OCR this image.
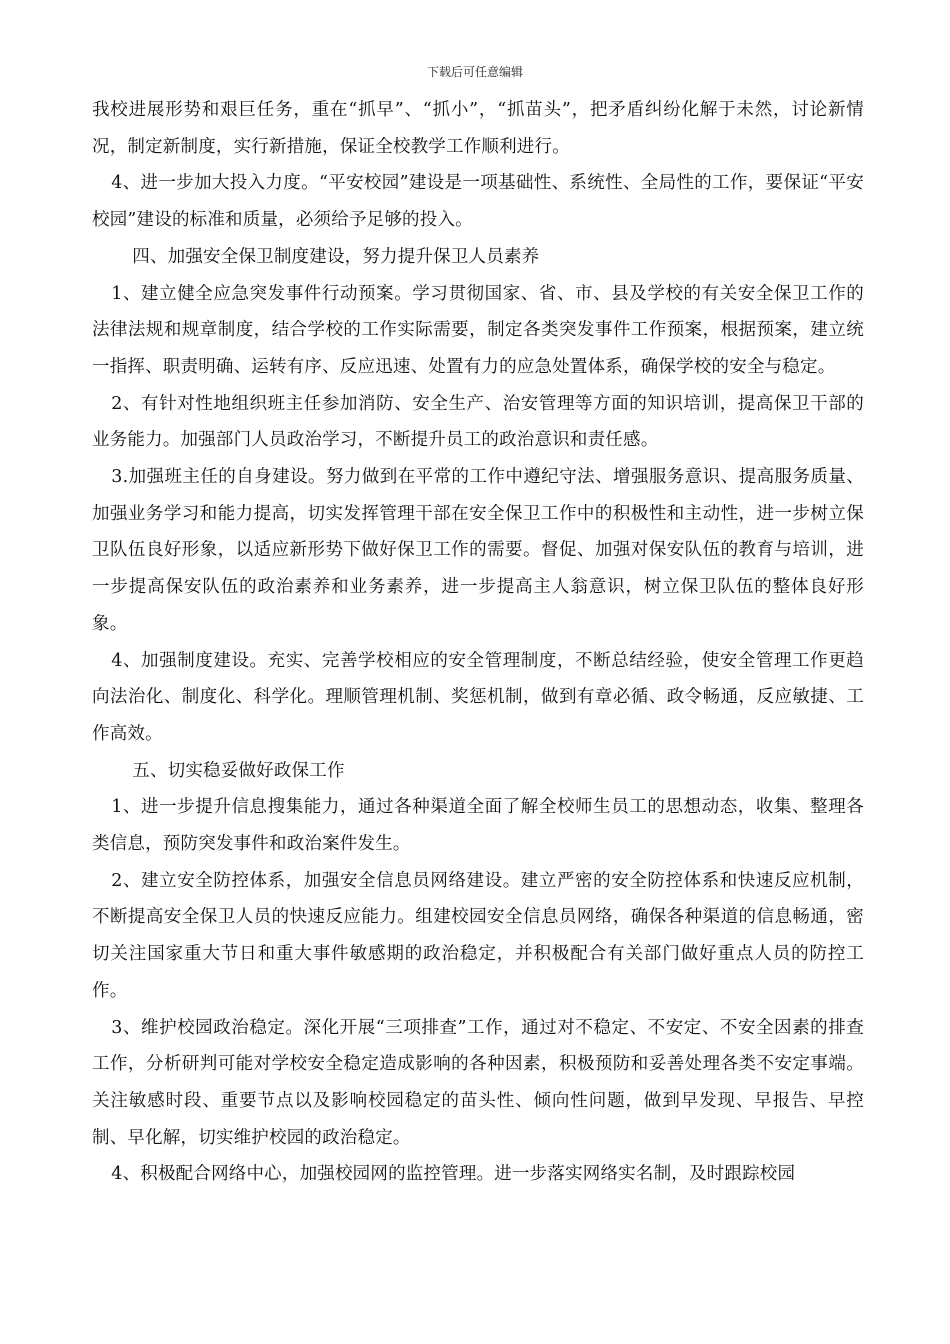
下载后可任意编辑

我校进展形势和艰巨任务，重在“抓早”、“抓小”，“抓苗头”，把矛盾纠纷化解于未然，讨论新情况，制定新制度，实行新措施，保证全校教学工作顺利进行。

4、进一步加大投入力度。“平安校园”建设是一项基础性、系统性、全局性的工作，要保证“平安校园”建设的标准和质量，必须给予足够的投入。

四、加强安全保卫制度建设，努力提升保卫人员素养

1、建立健全应急突发事件行动预案。学习贯彻国家、省、市、县及学校的有关安全保卫工作的法律法规和规章制度，结合学校的工作实际需要，制定各类突发事件工作预案，根据预案，建立统一指挥、职责明确、运转有序、反应迅速、处置有力的应急处置体系，确保学校的安全与稳定。

2、有针对性地组织班主任参加消防、安全生产、治安管理等方面的知识培训，提高保卫干部的业务能力。加强部门人员政治学习，不断提升员工的政治意识和责任感。

3.加强班主任的自身建设。努力做到在平常的工作中遵纪守法、增强服务意识、提高服务质量、加强业务学习和能力提高，切实发挥管理干部在安全保卫工作中的积极性和主动性，进一步树立保卫队伍良好形象，以适应新形势下做好保卫工作的需要。督促、加强对保安队伍的教育与培训，进一步提高保安队伍的政治素养和业务素养，进一步提高主人翁意识，树立保卫队伍的整体良好形象。

4、加强制度建设。充实、完善学校相应的安全管理制度，不断总结经验，使安全管理工作更趋向法治化、制度化、科学化。理顺管理机制、奖惩机制，做到有章必循、政令畅通，反应敏捷、工作高效。

五、切实稳妥做好政保工作

1、进一步提升信息搜集能力，通过各种渠道全面了解全校师生员工的思想动态，收集、整理各类信息，预防突发事件和政治案件发生。

2、建立安全防控体系，加强安全信息员网络建设。建立严密的安全防控体系和快速反应机制，不断提高安全保卫人员的快速反应能力。组建校园安全信息员网络，确保各种渠道的信息畅通，密切关注国家重大节日和重大事件敏感期的政治稳定，并积极配合有关部门做好重点人员的防控工作。

3、维护校园政治稳定。深化开展“三项排查”工作，通过对不稳定、不安定、不安全因素的排查工作，分析研判可能对学校安全稳定造成影响的各种因素，积极预防和妥善处理各类不安定事端。关注敏感时段、重要节点以及影响校园稳定的苗头性、倾向性问题，做到早发现、早报告、早控制、早化解，切实维护校园的政治稳定。

4、积极配合网络中心，加强校园网的监控管理。进一步落实网络实名制，及时跟踪校园
